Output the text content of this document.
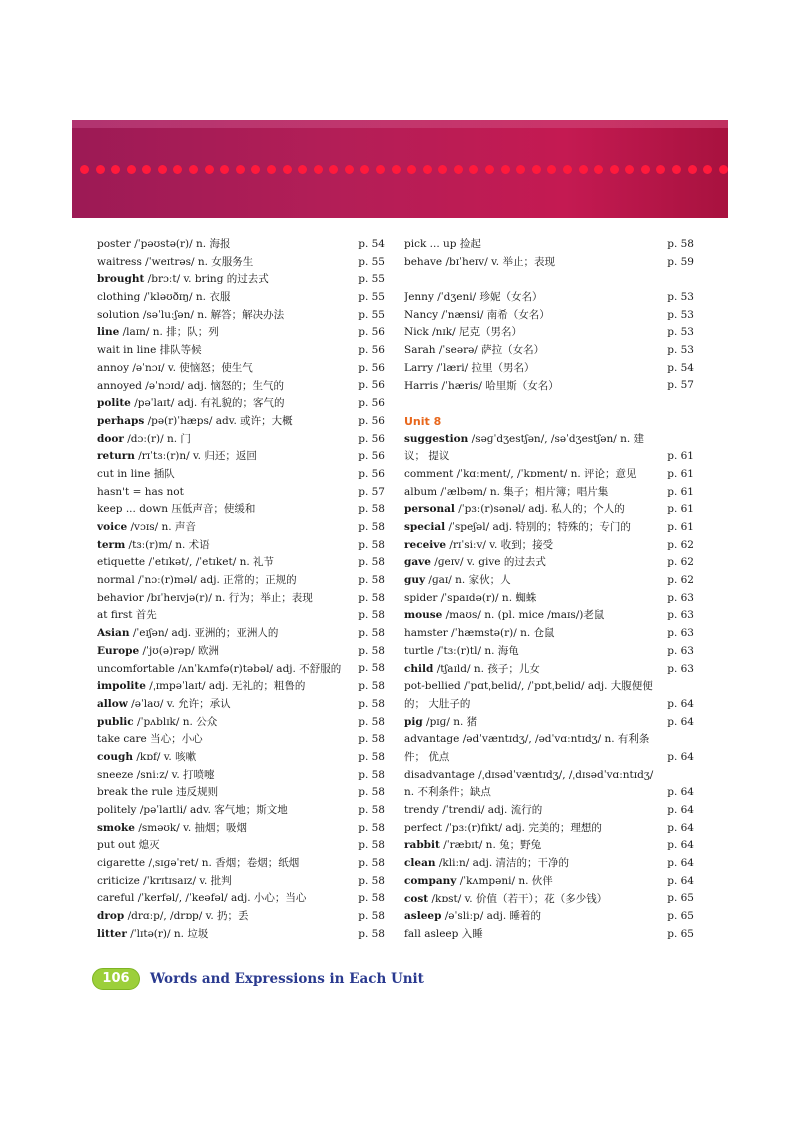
poster /ˈpəʊstə(r)/ n. 海报	p. 54
waitress /ˈweɪtrəs/ n. 女服务生	p. 55
brought /brɔːt/ v. bring 的过去式	p. 55
clothing /ˈkləʊðɪŋ/ n. 衣服	p. 55
solution /səˈluːʃən/ n. 解答；解决办法	p. 55
line /laɪn/ n. 排；队；列	p. 56
wait in line 排队等候	p. 56
annoy /əˈnɔɪ/ v. 使恼怒；使生气	p. 56
annoyed /əˈnɔɪd/ adj. 恼怒的；生气的	p. 56
polite /pəˈlaɪt/ adj. 有礼貌的；客气的	p. 56
perhaps /pə(r)ˈhæps/ adv. 或许；大概	p. 56
door /dɔː(r)/ n. 门	p. 56
return /rɪˈtɜː(r)n/ v. 归还；返回	p. 56
cut in line 插队	p. 56
hasn't = has not	p. 57
keep ... down 压低声音；使缓和	p. 58
voice /vɔɪs/ n. 声音	p. 58
term /tɜː(r)m/ n. 术语	p. 58
etiquette /ˈetɪkət/, /ˈetɪket/ n. 礼节	p. 58
normal /ˈnɔː(r)məl/ adj. 正常的；正规的	p. 58
behavior /bɪˈheɪvjə(r)/ n. 行为；举止；表现	p. 58
at first 首先	p. 58
Asian /ˈeɪʃən/ adj. 亚洲的；亚洲人的	p. 58
Europe /ˈjʊ(ə)rəp/ 欧洲	p. 58
uncomfortable /ʌnˈkʌmfə(r)təbəl/ adj. 不舒服的	p. 58
impolite /ˌɪmpəˈlaɪt/ adj. 无礼的；粗鲁的	p. 58
allow /əˈlaʊ/ v. 允许；承认	p. 58
public /ˈpʌblɪk/ n. 公众	p. 58
take care 当心；小心	p. 58
cough /kɒf/ v. 咳嗽	p. 58
sneeze /sniːz/ v. 打喷嚏	p. 58
break the rule 违反规则	p. 58
politely /pəˈlaɪtli/ adv. 客气地；斯文地	p. 58
smoke /sməʊk/ v. 抽烟；吸烟	p. 58
put out 熄灭	p. 58
cigarette /ˌsɪɡəˈret/ n. 香烟；卷烟；纸烟	p. 58
criticize /ˈkrɪtɪsaɪz/ v. 批判	p. 58
careful /ˈkerfəl/, /ˈkeəfəl/ adj. 小心；当心	p. 58
drop /drɑːp/, /drɒp/ v. 扔；丢	p. 58
litter /ˈlɪtə(r)/ n. 垃圾	p. 58
pick ... up 捡起	p. 58
behave /bɪˈheɪv/ v. 举止；表现	p. 59
Jenny /ˈdʒeni/ 珍妮（女名）	p. 53
Nancy /ˈnænsi/ 南希（女名）	p. 53
Nick /nɪk/ 尼克（男名）	p. 53
Sarah /ˈseərə/ 萨拉（女名）	p. 53
Larry /ˈlæri/ 拉里（男名）	p. 54
Harris /ˈhæris/ 哈里斯（女名）	p. 57
Unit 8
suggestion /səɡˈdʒestʃən/, /səˈdʒestʃən/ n. 建议； 提议	p. 61
comment /ˈkɑːment/, /ˈkɒment/ n. 评论；意见	p. 61
album /ˈælbəm/ n. 集子；相片簿；唱片集	p. 61
personal /ˈpɜː(r)sənəl/ adj. 私人的；个人的	p. 61
special /ˈspeʃəl/ adj. 特别的；特殊的；专门的	p. 61
receive /rɪˈsiːv/ v. 收到；接受	p. 62
gave /ɡeɪv/ v. give 的过去式	p. 62
guy /ɡaɪ/ n. 家伙；人	p. 62
spider /ˈspaɪdə(r)/ n. 蜘蛛	p. 63
mouse /maʊs/ n. (pl. mice /maɪs/)老鼠	p. 63
hamster /ˈhæmstə(r)/ n. 仓鼠	p. 63
turtle /ˈtɜː(r)tl/ n. 海龟	p. 63
child /tʃaɪld/ n. 孩子；儿女	p. 63
pot-bellied /ˈpɑtˌbelid/, /ˈpɒtˌbelid/ adj. 大腹便便的； 大肚子的	p. 64
pig /pɪɡ/ n. 猪	p. 64
advantage /ədˈvæntɪdʒ/, /ədˈvɑːntɪdʒ/ n. 有利条件； 优点	p. 64
disadvantage /ˌdɪsədˈvæntɪdʒ/, /ˌdɪsədˈvɑːntɪdʒ/ n. 不利条件；缺点	p. 64
trendy /ˈtrendi/ adj. 流行的	p. 64
perfect /ˈpɜː(r)fɪkt/ adj. 完美的；理想的	p. 64
rabbit /ˈræbɪt/ n. 兔；野兔	p. 64
clean /kliːn/ adj. 清洁的；干净的	p. 64
company /ˈkʌmpəni/ n. 伙伴	p. 64
cost /kɒst/ v. 价值（若干）；花（多少钱）	p. 65
asleep /əˈsliːp/ adj. 睡着的	p. 65
fall asleep 入睡	p. 65
106	Words and Expressions in Each Unit
